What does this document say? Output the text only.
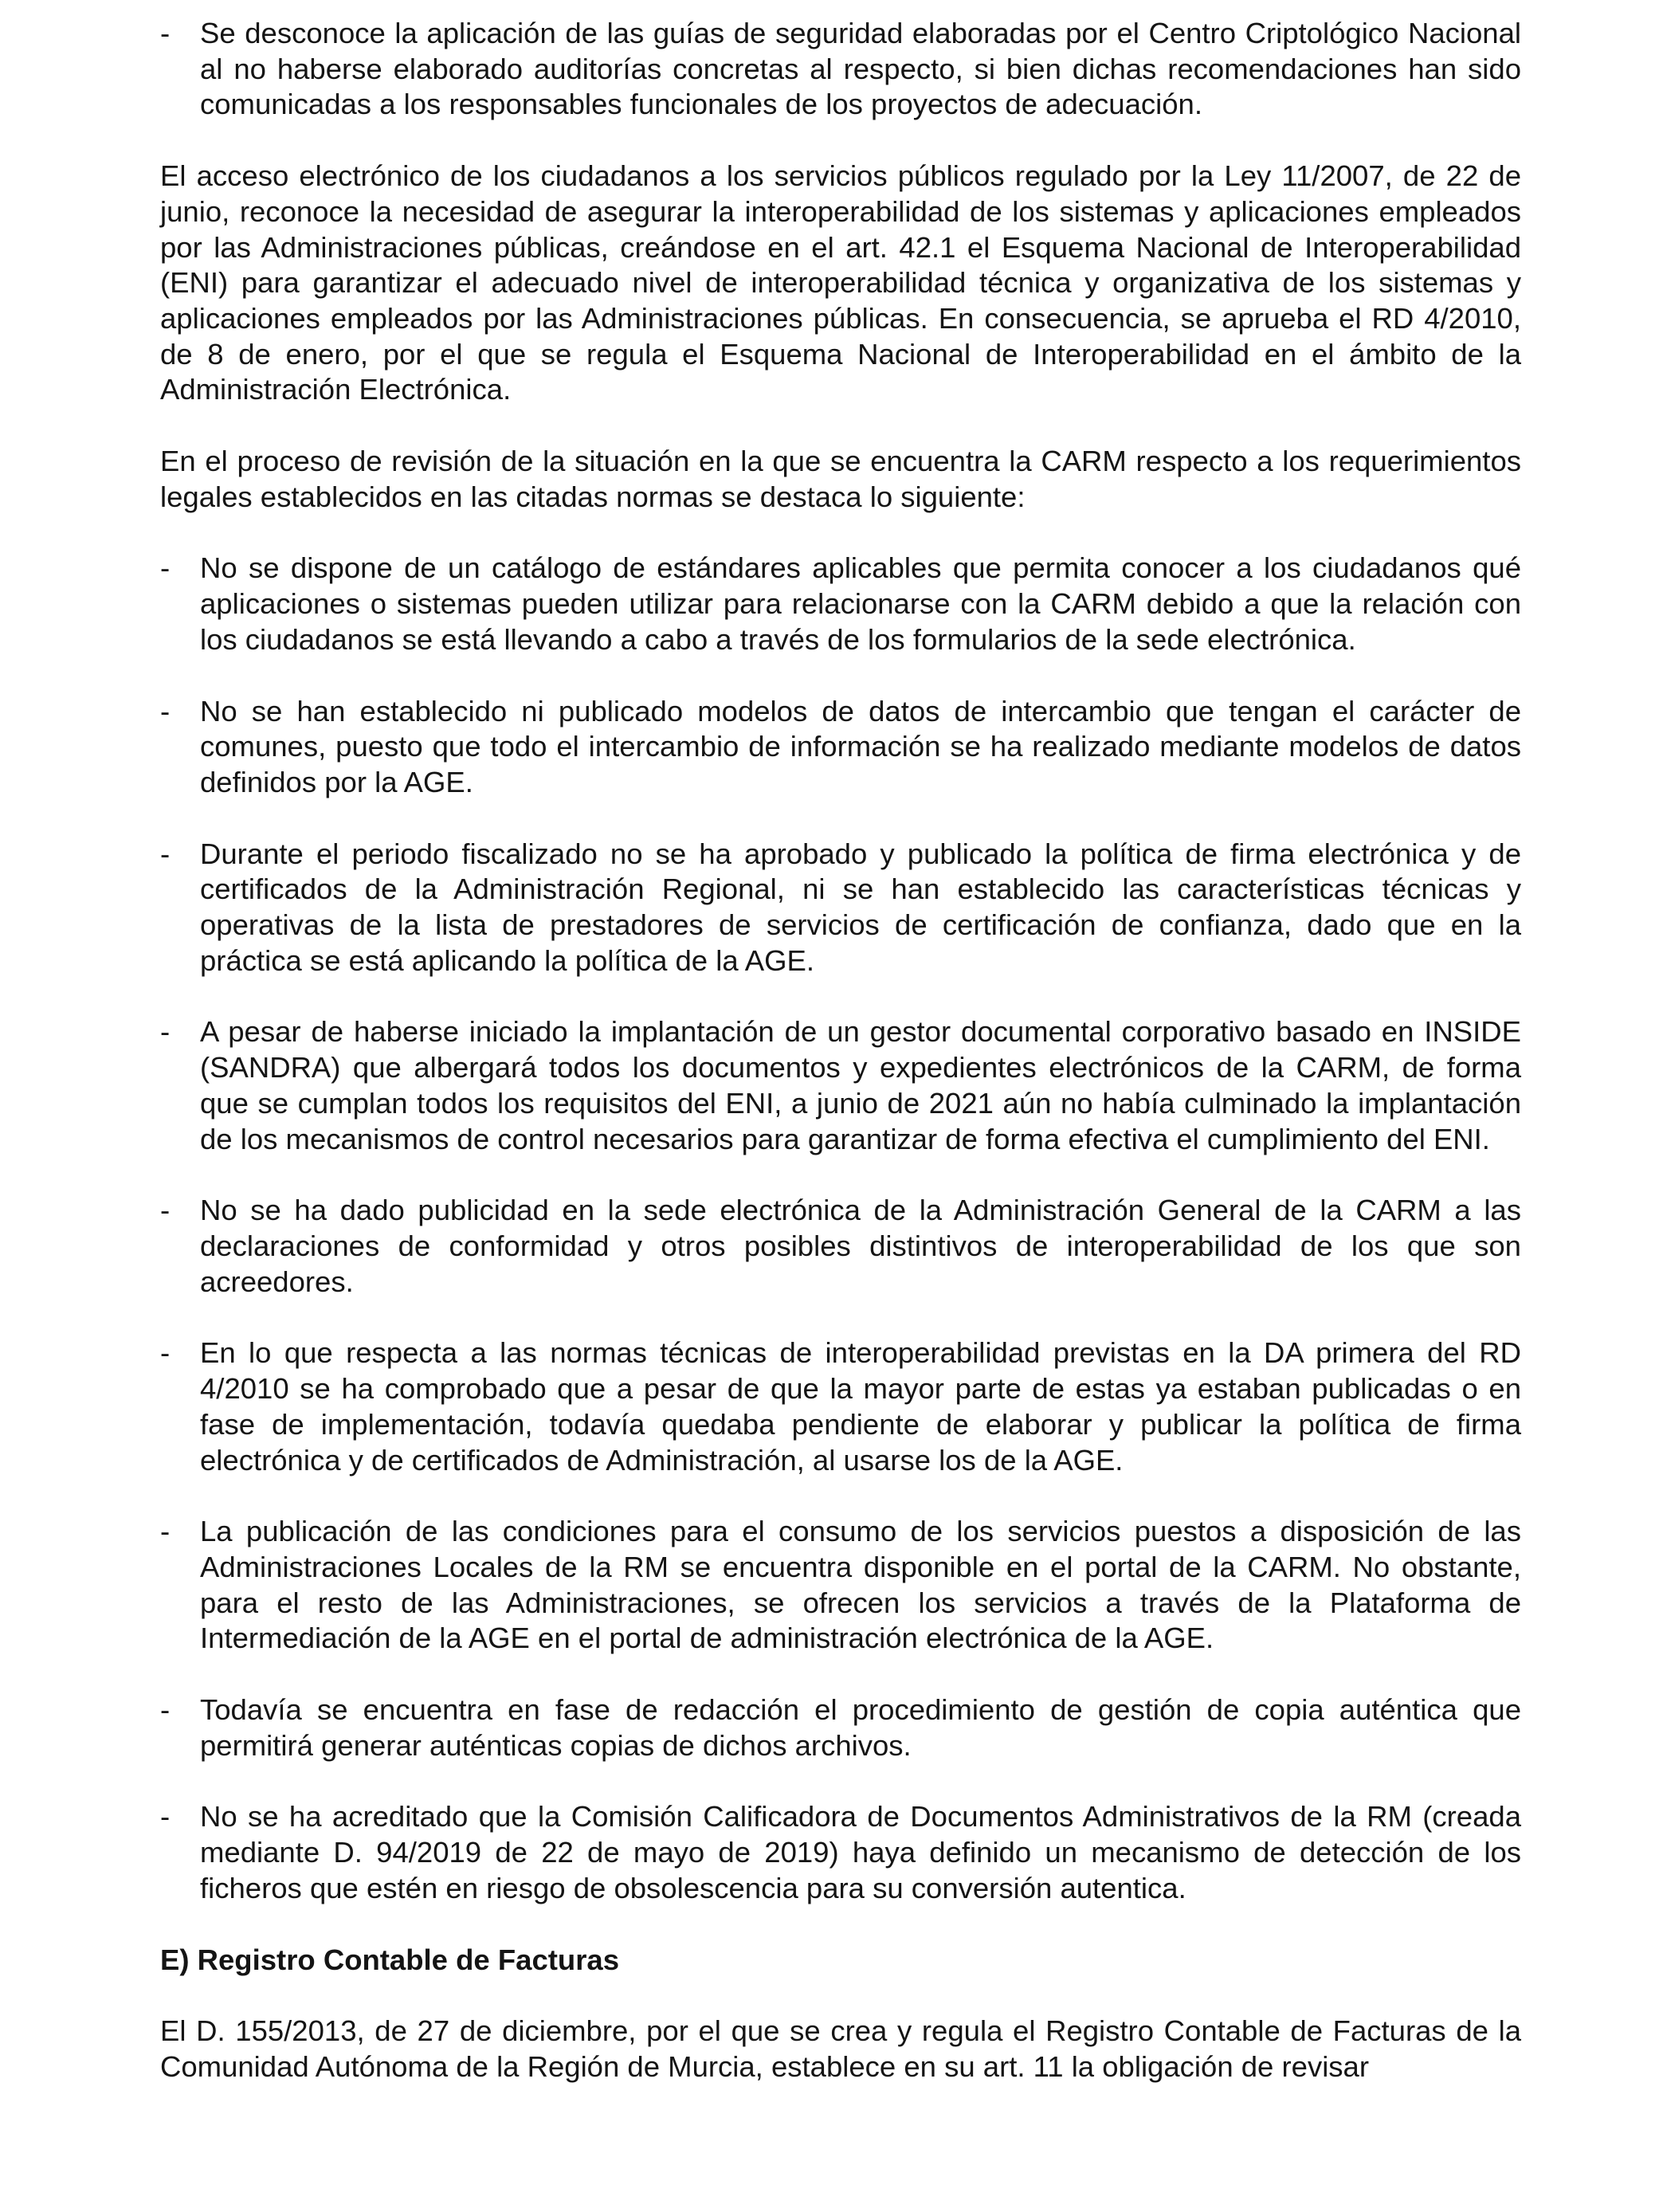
- Se desconoce la aplicación de las guías de seguridad elaboradas por el Centro Criptológico Nacional al no haberse elaborado auditorías concretas al respecto, si bien dichas recomendaciones han sido comunicadas a los responsables funcionales de los proyectos de adecuación.

El acceso electrónico de los ciudadanos a los servicios públicos regulado por la Ley 11/2007, de 22 de junio, reconoce la necesidad de asegurar la interoperabilidad de los sistemas y aplicaciones empleados por las Administraciones públicas, creándose en el art. 42.1 el Esquema Nacional de Interoperabilidad (ENI) para garantizar el adecuado nivel de interoperabilidad técnica y organizativa de los sistemas y aplicaciones empleados por las Administraciones públicas. En consecuencia, se aprueba el RD 4/2010, de 8 de enero, por el que se regula el Esquema Nacional de Interoperabilidad en el ámbito de la Administración Electrónica.

En el proceso de revisión de la situación en la que se encuentra la CARM respecto a los requerimientos legales establecidos en las citadas normas se destaca lo siguiente:

- No se dispone de un catálogo de estándares aplicables que permita conocer a los ciudadanos qué aplicaciones o sistemas pueden utilizar para relacionarse con la CARM debido a que la relación con los ciudadanos se está llevando a cabo a través de los formularios de la sede electrónica.
- No se han establecido ni publicado modelos de datos de intercambio que tengan el carácter de comunes, puesto que todo el intercambio de información se ha realizado mediante modelos de datos definidos por la AGE.
- Durante el periodo fiscalizado no se ha aprobado y publicado la política de firma electrónica y de certificados de la Administración Regional, ni se han establecido las características técnicas y operativas de la lista de prestadores de servicios de certificación de confianza, dado que en la práctica se está aplicando la política de la AGE.
- A pesar de haberse iniciado la implantación de un gestor documental corporativo basado en INSIDE (SANDRA) que albergará todos los documentos y expedientes electrónicos de la CARM, de forma que se cumplan todos los requisitos del ENI, a junio de 2021 aún no había culminado la implantación de los mecanismos de control necesarios para garantizar de forma efectiva el cumplimiento del ENI.
- No se ha dado publicidad en la sede electrónica de la Administración General de la CARM a las declaraciones de conformidad y otros posibles distintivos de interoperabilidad de los que son acreedores.
- En lo que respecta a las normas técnicas de interoperabilidad previstas en la DA primera del RD 4/2010 se ha comprobado que a pesar de que la mayor parte de estas ya estaban publicadas o en fase de implementación, todavía quedaba pendiente de elaborar y publicar la política de firma electrónica y de certificados de Administración, al usarse los de la AGE.
- La publicación de las condiciones para el consumo de los servicios puestos a disposición de las Administraciones Locales de la RM se encuentra disponible en el portal de la CARM. No obstante, para el resto de las Administraciones, se ofrecen los servicios a través de la Plataforma de Intermediación de la AGE en el portal de administración electrónica de la AGE.
- Todavía se encuentra en fase de redacción el procedimiento de gestión de copia auténtica que permitirá generar auténticas copias de dichos archivos.
- No se ha acreditado que la Comisión Calificadora de Documentos Administrativos de la RM (creada mediante D. 94/2019 de 22 de mayo de 2019) haya definido un mecanismo de detección de los ficheros que estén en riesgo de obsolescencia para su conversión autentica.

E) Registro Contable de Facturas

El D. 155/2013, de 27 de diciembre, por el que se crea y regula el Registro Contable de Facturas de la Comunidad Autónoma de la Región de Murcia, establece en su art. 11 la obligación de revisar
